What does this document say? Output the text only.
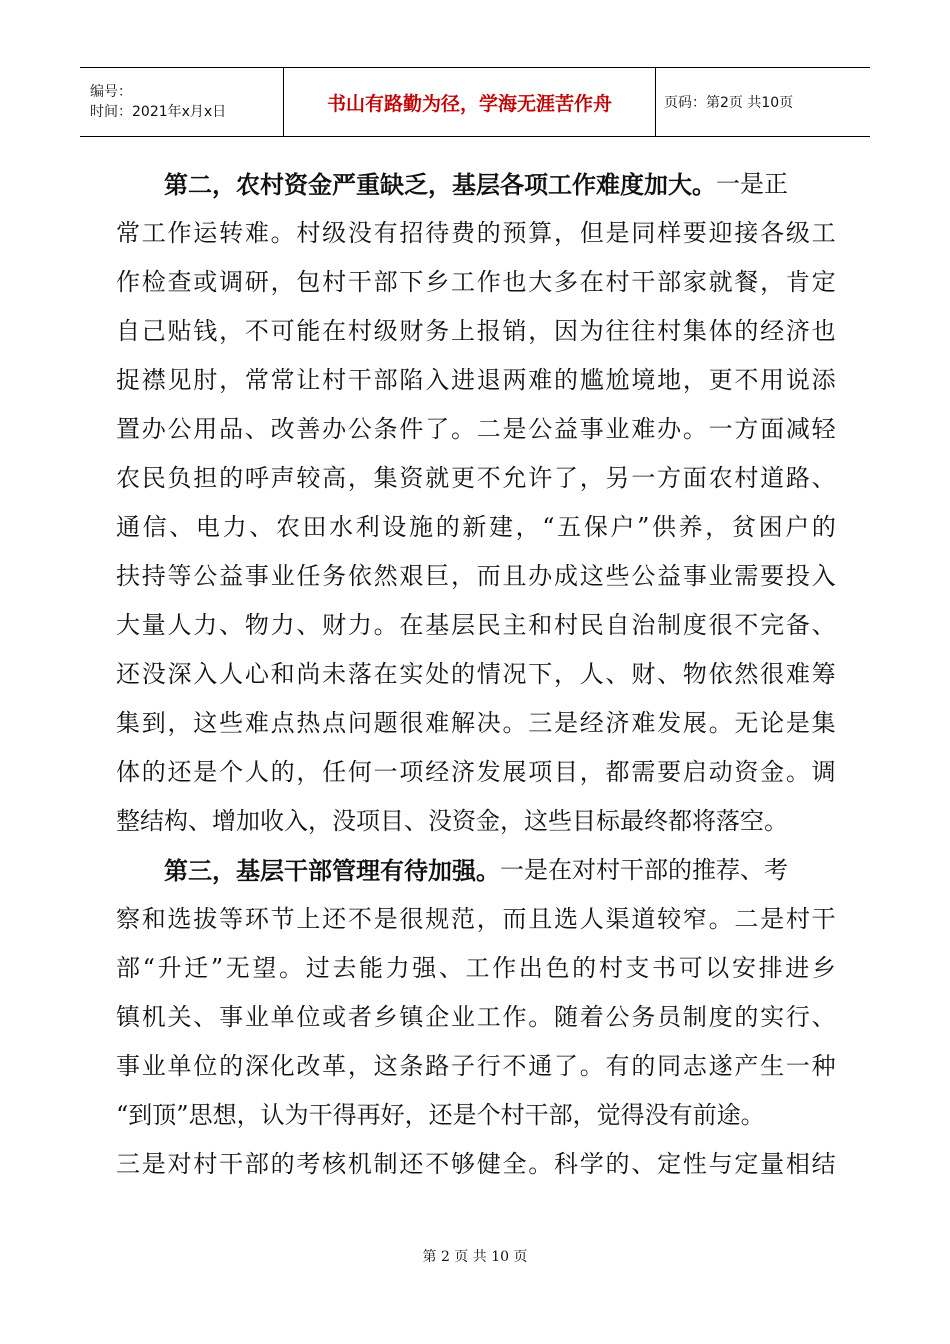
编号：
时间：2021年x月x日	书山有路勤为径，学海无涯苦作舟	页码：第2页 共10页
第 二 ， 农 村 资 金 严 重 缺 乏 ， 基 层 各 项 工 作 难 度 加 大 。 一 是 正
常 工 作 运 转 难 。 村 级 没 有 招 待 费 的 预 算 ， 但 是 同 样 要 迎 接 各 级 工
作 检 查 或 调 研 ， 包 村 干 部 下 乡 工 作 也 大 多 在 村 干 部 家 就 餐 ， 肯 定
自 己 贴 钱 ， 不 可 能 在 村 级 财 务 上 报 销 ， 因 为 往 往 村 集 体 的 经 济 也
捉 襟 见 肘 ， 常 常 让 村 干 部 陷 入 进 退 两 难 的 尴 尬 境 地 ， 更 不 用 说 添
置 办 公 用 品 、 改 善 办 公 条 件 了 。 二 是 公 益 事 业 难 办 。 一 方 面 减 轻
农 民 负 担 的 呼 声 较 高 ， 集 资 就 更 不 允 许 了 ， 另 一 方 面 农 村 道 路 、
通 信 、 电 力 、 农 田 水 利 设 施 的 新 建 ， “ 五 保 户 ” 供 养 ， 贫 困 户 的
扶 持 等 公 益 事 业 任 务 依 然 艰 巨 ， 而 且 办 成 这 些 公 益 事 业 需 要 投 入
大 量 人 力 、 物 力 、 财 力 。 在 基 层 民 主 和 村 民 自 治 制 度 很 不 完 备 、
还 没 深 入 人 心 和 尚 未 落 在 实 处 的 情 况 下 ， 人 、 财 、 物 依 然 很 难 筹
集 到 ， 这 些 难 点 热 点 问 题 很 难 解 决 。 三 是 经 济 难 发 展 。 无 论 是 集
体 的 还 是 个 人 的 ， 任 何 一 项 经 济 发 展 项 目 ， 都 需 要 启 动 资 金 。 调
整 结 构 、 增 加 收 入 ， 没 项 目 、 没 资 金 ， 这 些 目 标 最 终 都 将 落 空 。
第 三 ， 基 层 干 部 管 理 有 待 加 强 。 一 是 在 对 村 干 部 的 推 荐 、 考
察 和 选 拔 等 环 节 上 还 不 是 很 规 范 ， 而 且 选 人 渠 道 较 窄 。 二 是 村 干
部 “ 升 迁 ” 无 望 。 过 去 能 力 强 、 工 作 出 色 的 村 支 书 可 以 安 排 进 乡
镇 机 关 、 事 业 单 位 或 者 乡 镇 企 业 工 作 。 随 着 公 务 员 制 度 的 实 行 、
事 业 单 位 的 深 化 改 革 ， 这 条 路 子 行 不 通 了 。 有 的 同 志 遂 产 生 一 种
“ 到 顶 ” 思 想 ， 认 为 干 得 再 好 ， 还 是 个 村 干 部 ， 觉 得 没 有 前 途 。
三 是 对 村 干 部 的 考 核 机 制 还 不 够 健 全 。 科 学 的 、 定 性 与 定 量 相 结
第 2 页 共 10 页
